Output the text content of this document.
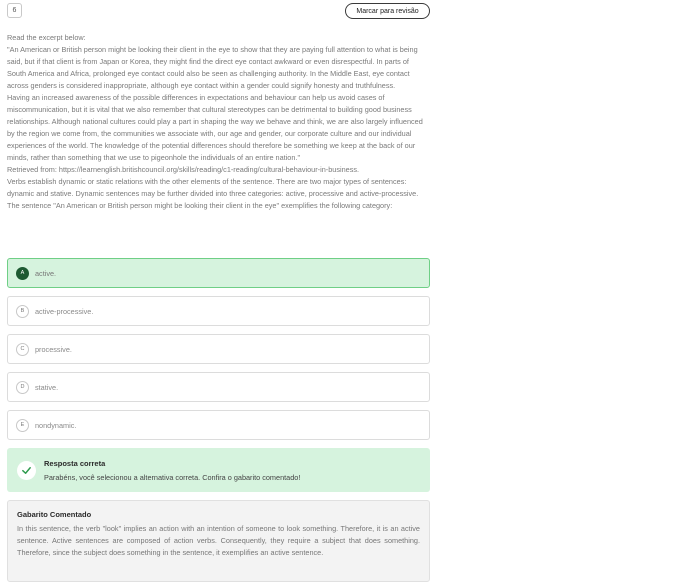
6	Marcar para revisão

Read the excerpt below:

"An American or British person might be looking their client in the eye to show that they are paying full attention to what is being said, but if that client is from Japan or Korea, they might find the direct eye contact awkward or even disrespectful. In parts of South America and Africa, prolonged eye contact could also be seen as challenging authority. In the Middle East, eye contact across genders is considered inappropriate, although eye contact within a gender could signify honesty and truthfulness.

Having an increased awareness of the possible differences in expectations and behaviour can help us avoid cases of miscommunication, but it is vital that we also remember that cultural stereotypes can be detrimental to building good business relationships. Although national cultures could play a part in shaping the way we behave and think, we are also largely influenced by the region we come from, the communities we associate with, our age and gender, our corporate culture and our individual experiences of the world. The knowledge of the potential differences should therefore be something we keep at the back of our minds, rather than something that we use to pigeonhole the individuals of an entire nation."

Retrieved from: https://learnenglish.britishcouncil.org/skills/reading/c1-reading/cultural-behaviour-in-business.

Verbs establish dynamic or static relations with the other elements of the sentence. There are two major types of sentences: dynamic and stative. Dynamic sentences may be further divided into three categories: active, processive and active-processive. The sentence "An American or British person might be looking their client in the eye" exemplifies the following category:

A	active.
B	active-processive.
C	processive.
D	stative.
E	nondynamic.
Resposta correta
Parabéns, você selecionou a alternativa correta. Confira o gabarito comentado!
Gabarito Comentado
In this sentence, the verb "look" implies an action with an intention of someone to look something. Therefore, it is an active sentence. Active sentences are composed of action verbs. Consequently, they require a subject that does something. Therefore, since the subject does something in the sentence, it exemplifies an active sentence.
